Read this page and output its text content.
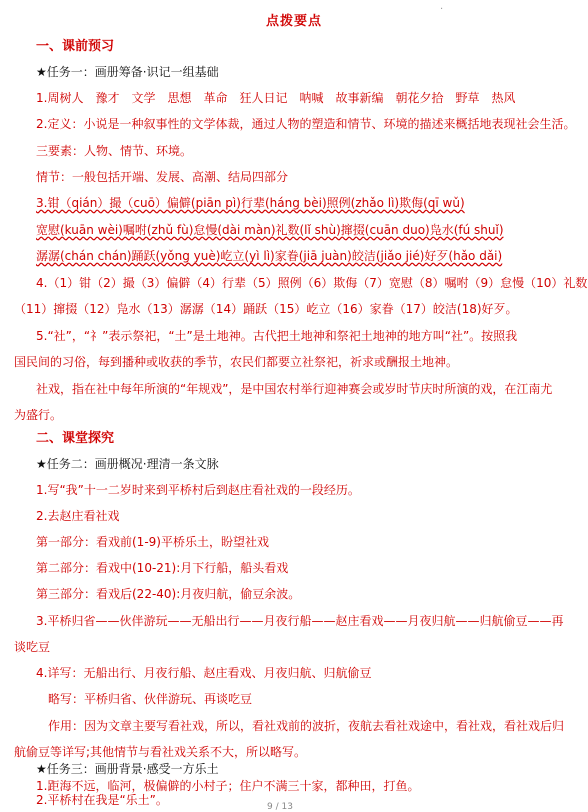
·
点拨要点
一、课前预习
★任务一：画册筹备·识记一组基础
1.周树人　豫才　文学　思想　革命　狂人日记　呐喊　故事新编　朝花夕拾　野草　热风
2.定义：小说是一种叙事性的文学体裁，通过人物的塑造和情节、环境的描述来概括地表现社会生活。
三要素：人物、情节、环境。
情节：一般包括开端、发展、高潮、结局四部分
3.钳（qián）撮（cuō）偏僻(piān pì)行辈(háng bèi)照例(zhǎo lì)欺侮(qī wǔ)
宽慰(kuān wèi)嘱咐(zhǔ fù)怠慢(dài màn)礼数(lǐ shù)撺掇(cuān duo)凫水(fú shuǐ)
潺潺(chán chán)踊跃(yǒng yuè)屹立(yì lì)家眷(jiā juàn)皎洁(jiǎo jié)好歹(hǎo dǎi)
4.（1）钳（2）撮（3）偏僻（4）行辈（5）照例（6）欺侮（7）宽慰（8）嘱咐（9）怠慢（10）礼数
（11）撺掇（12）凫水（13）潺潺（14）踊跃（15）屹立（16）家眷（17）皎洁(18)好歹。
5.“社”，“礻”表示祭祀，“土”是土地神。古代把土地神和祭祀土地神的地方叫“社”。按照我
国民间的习俗，每到播种或收获的季节，农民们都要立社祭祀，祈求或酬报土地神。
社戏，指在社中每年所演的“年规戏”，是中国农村举行迎神赛会或岁时节庆时所演的戏，在江南尤
为盛行。
二、课堂探究
★任务二：画册概况·理清一条文脉
1.写“我”十一二岁时来到平桥村后到赵庄看社戏的一段经历。
2.去赵庄看社戏
第一部分：看戏前(1-9)平桥乐土，盼望社戏
第二部分：看戏中(10-21):月下行船，船头看戏
第三部分：看戏后(22-40):月夜归航，偷豆余波。
3.平桥归省——伙伴游玩——无船出行——月夜行船——赵庄看戏——月夜归航——归航偷豆——再
谈吃豆
4.详写：无船出行、月夜行船、赵庄看戏、月夜归航、归航偷豆
略写：平桥归省、伙伴游玩、再谈吃豆
作用：因为文章主要写看社戏，所以，看社戏前的波折，夜航去看社戏途中，看社戏，看社戏后归
航偷豆等详写;其他情节与看社戏关系不大，所以略写。
★任务三：画册背景·感受一方乐土
1.距海不远，临河，极偏僻的小村子；住户不满三十家，都种田，打鱼。
2.平桥村在我是“乐土”。	9 / 13
